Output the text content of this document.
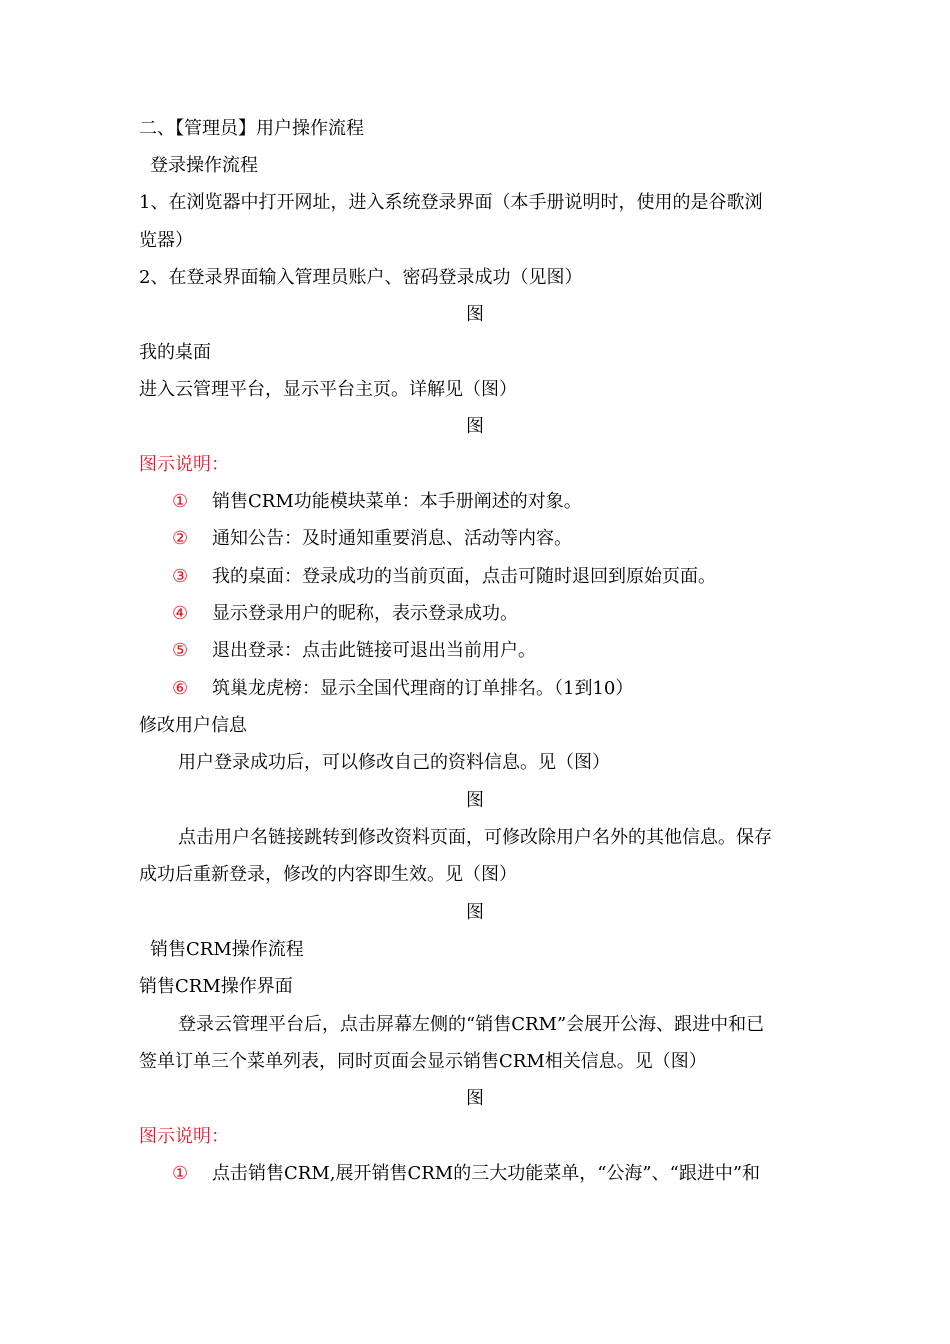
二、【管理员】用户操作流程
登录操作流程
1、在浏览器中打开网址，进入系统登录界面（本手册说明时，使用的是谷歌浏
览器）
2、在登录界面输入管理员账户、密码登录成功（见图）
图
我的桌面
进入云管理平台，显示平台主页。详解见（图）
图
图示说明：
① 销售CRM功能模块菜单：本手册阐述的对象。
② 通知公告：及时通知重要消息、活动等内容。
③ 我的桌面：登录成功的当前页面，点击可随时退回到原始页面。
④ 显示登录用户的昵称，表示登录成功。
⑤ 退出登录：点击此链接可退出当前用户。
⑥ 筑巢龙虎榜：显示全国代理商的订单排名。（1到10）
修改用户信息
用户登录成功后，可以修改自己的资料信息。见（图）
图
点击用户名链接跳转到修改资料页面，可修改除用户名外的其他信息。保存
成功后重新登录，修改的内容即生效。见（图）
图
销售CRM操作流程
销售CRM操作界面
登录云管理平台后，点击屏幕左侧的“销售CRM”会展开公海、跟进中和已
签单订单三个菜单列表，同时页面会显示销售CRM相关信息。见（图）
图
图示说明：
① 点击销售CRM,展开销售CRM的三大功能菜单，“公海”、“跟进中”和
